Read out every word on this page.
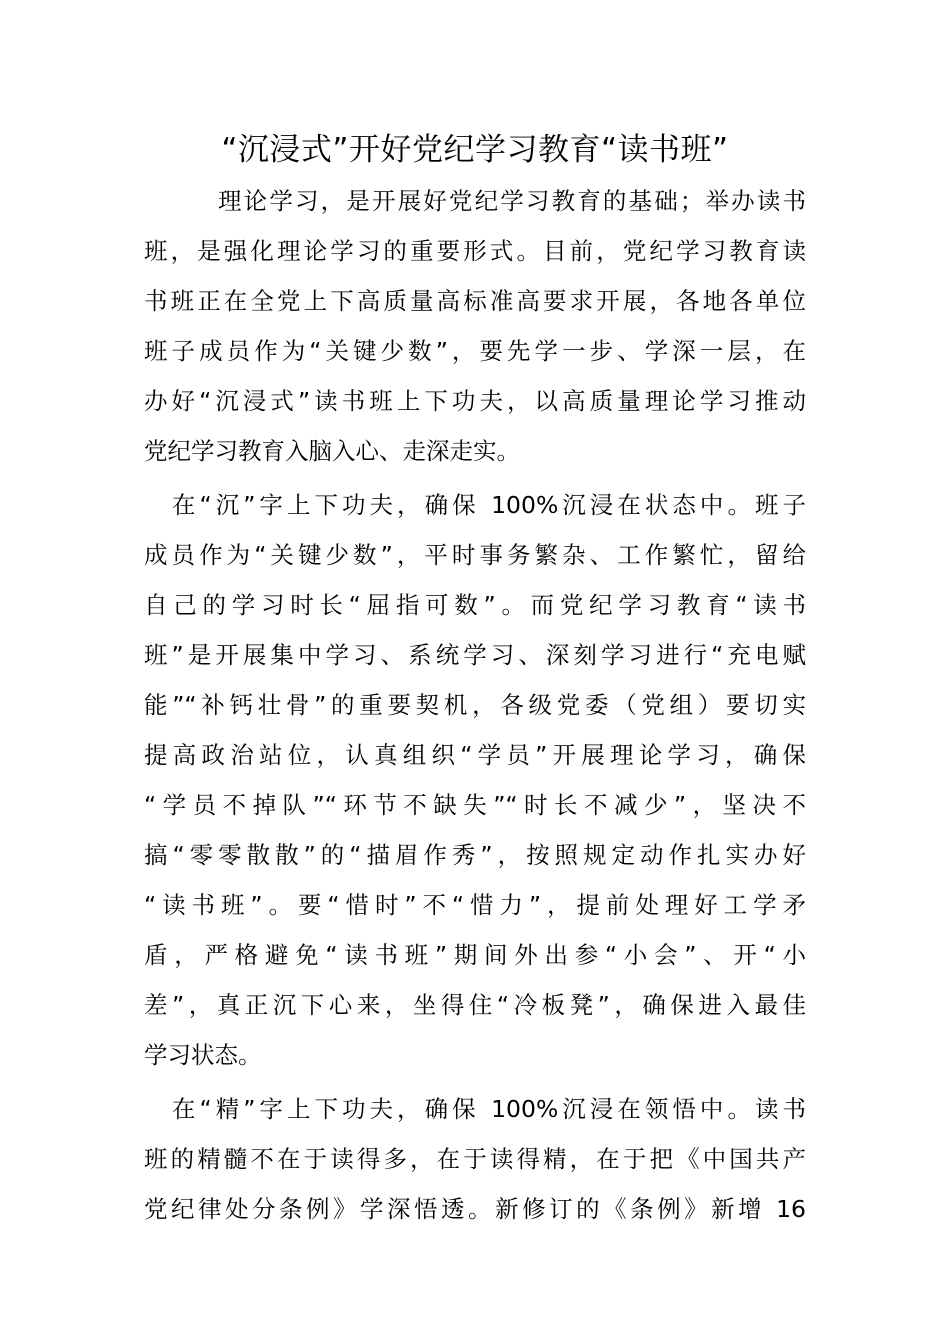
“沉浸式”开好党纪学习教育“读书班”
理论学习，是开展好党纪学习教育的基础；举办读书
班，是强化理论学习的重要形式。目前，党纪学习教育读
书班正在全党上下高质量高标准高要求开展，各地各单位
班子成员作为“关键少数”，要先学一步、学深一层，在
办好“沉浸式”读书班上下功夫，以高质量理论学习推动
党纪学习教育入脑入心、走深走实。
在“沉”字上下功夫，确保 100%沉浸在状态中。班子
成员作为“关键少数”，平时事务繁杂、工作繁忙，留给
自己的学习时长“屈指可数”。而党纪学习教育“读书
班”是开展集中学习、系统学习、深刻学习进行“充电赋
能”“补钙壮骨”的重要契机，各级党委（党组）要切实
提高政治站位，认真组织“学员”开展理论学习，确保
“学员不掉队”“环节不缺失”“时长不减少”，坚决不
搞“零零散散”的“描眉作秀”，按照规定动作扎实办好
“读书班”。要“惜时”不“惜力”，提前处理好工学矛
盾，严格避免“读书班”期间外出参“小会”、开“小
差”，真正沉下心来，坐得住“冷板凳”，确保进入最佳
学习状态。
在“精”字上下功夫，确保 100%沉浸在领悟中。读书
班的精髓不在于读得多，在于读得精，在于把《中国共产
党纪律处分条例》学深悟透。新修订的《条例》新增 16
